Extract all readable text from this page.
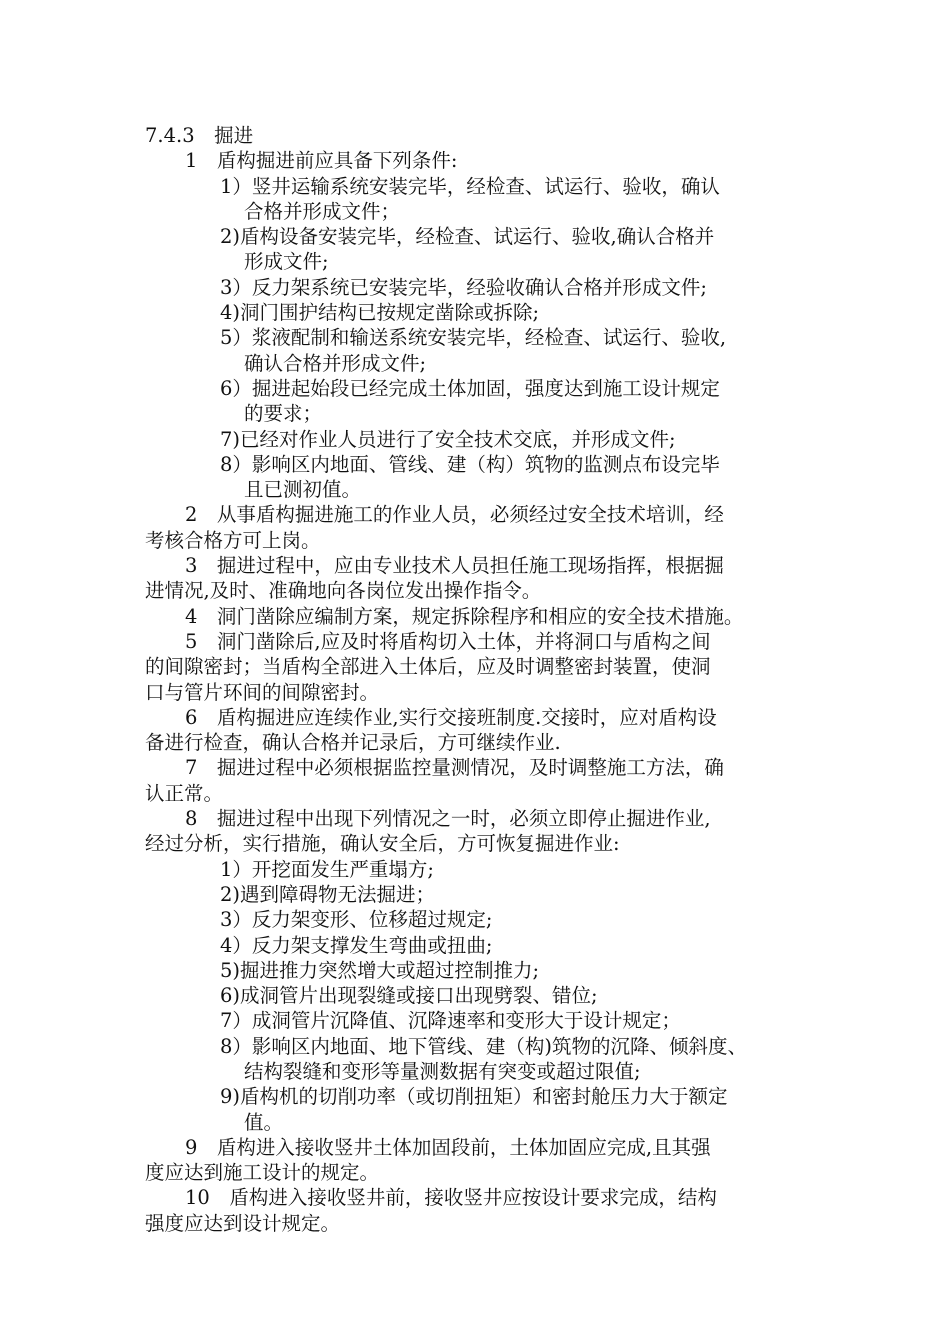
7.4.3　掘进
1　盾构掘进前应具备下列条件:
1）竖井运输系统安装完毕，经检查、试运行、验收，确认
合格并形成文件；
2)盾构设备安装完毕，经检查、试运行、验收,确认合格并
形成文件;
3）反力架系统已安装完毕，经验收确认合格并形成文件;
4)洞门围护结构已按规定凿除或拆除;
5）浆液配制和输送系统安装完毕，经检查、试运行、验收,
确认合格并形成文件;
6）掘进起始段已经完成土体加固，强度达到施工设计规定
的要求；
7)已经对作业人员进行了安全技术交底，并形成文件;
8）影响区内地面、管线、建（构）筑物的监测点布设完毕
且已测初值。
2　从事盾构掘进施工的作业人员，必须经过安全技术培训，经
考核合格方可上岗。
3　掘进过程中，应由专业技术人员担任施工现场指挥，根据掘
进情况,及时、准确地向各岗位发出操作指令。
4　洞门凿除应编制方案，规定拆除程序和相应的安全技术措施。
5　洞门凿除后,应及时将盾构切入土体，并将洞口与盾构之间
的间隙密封；当盾构全部进入土体后，应及时调整密封装置，使洞
口与管片环间的间隙密封。
6　盾构掘进应连续作业,实行交接班制度.交接时，应对盾构设
备进行检查，确认合格并记录后，方可继续作业.
7　掘进过程中必须根据监控量测情况，及时调整施工方法，确
认正常。
8　掘进过程中出现下列情况之一时，必须立即停止掘进作业,
经过分析，实行措施，确认安全后，方可恢复掘进作业:
1）开挖面发生严重塌方;
2)遇到障碍物无法掘进；
3）反力架变形、位移超过规定;
4）反力架支撑发生弯曲或扭曲;
5)掘进推力突然增大或超过控制推力;
6)成洞管片出现裂缝或接口出现劈裂、错位;
7）成洞管片沉降值、沉降速率和变形大于设计规定；
8）影响区内地面、地下管线、建（构)筑物的沉降、倾斜度、
结构裂缝和变形等量测数据有突变或超过限值;
9)盾构机的切削功率（或切削扭矩）和密封舱压力大于额定
值。
9　盾构进入接收竖井土体加固段前，土体加固应完成,且其强
度应达到施工设计的规定。
10　盾构进入接收竖井前，接收竖井应按设计要求完成，结构
强度应达到设计规定。
